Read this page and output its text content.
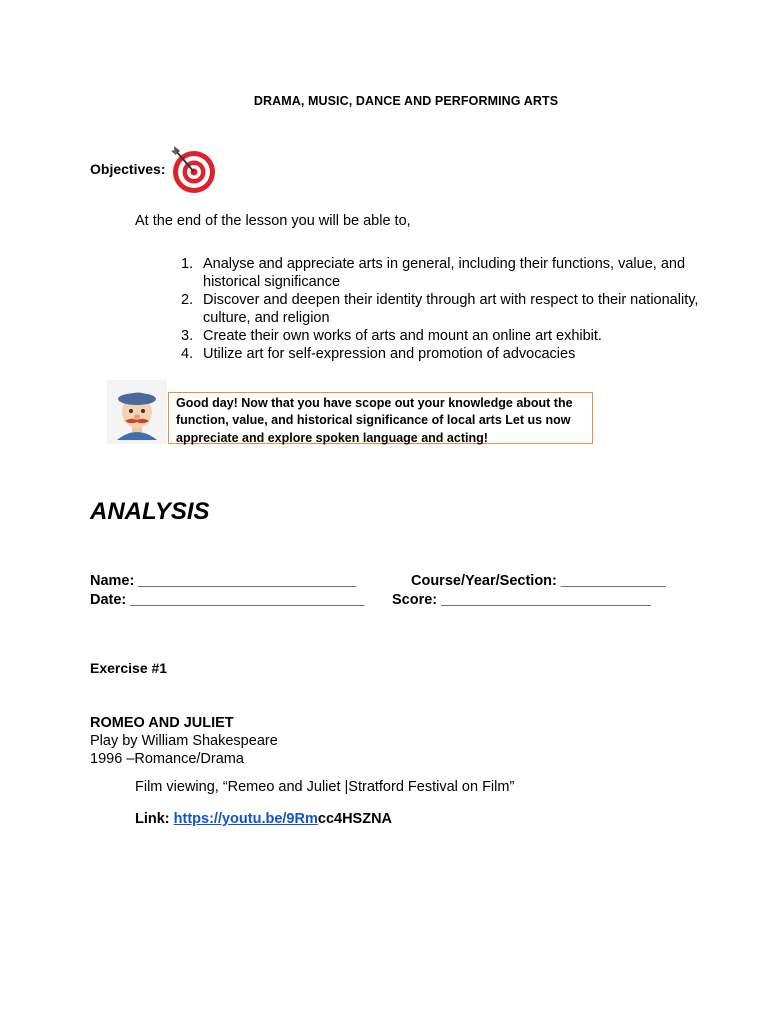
DRAMA, MUSIC, DANCE AND PERFORMING ARTS
Objectives:
At the end of the lesson you will be able to,
1. Analyse and appreciate arts in general, including their functions, value, and historical significance
2. Discover and deepen their identity through art with respect to their nationality, culture, and religion
3. Create their own works of arts and mount an online art exhibit.
4. Utilize art for self-expression and promotion of advocacies
Good day! Now that you have scope out your knowledge about the function, value, and historical significance of local arts Let us now appreciate and explore spoken language and acting!
ANALYSIS
Name: ___________________________	Course/Year/Section: _____________
Date: _____________________________ Score: __________________________
Exercise #1
ROMEO AND JULIET
Play by William Shakespeare
1996 –Romance/Drama
Film viewing, “Remeo and Juliet |Stratford Festival on Film”
Link: https://youtu.be/9Rmcc4HSZNA
